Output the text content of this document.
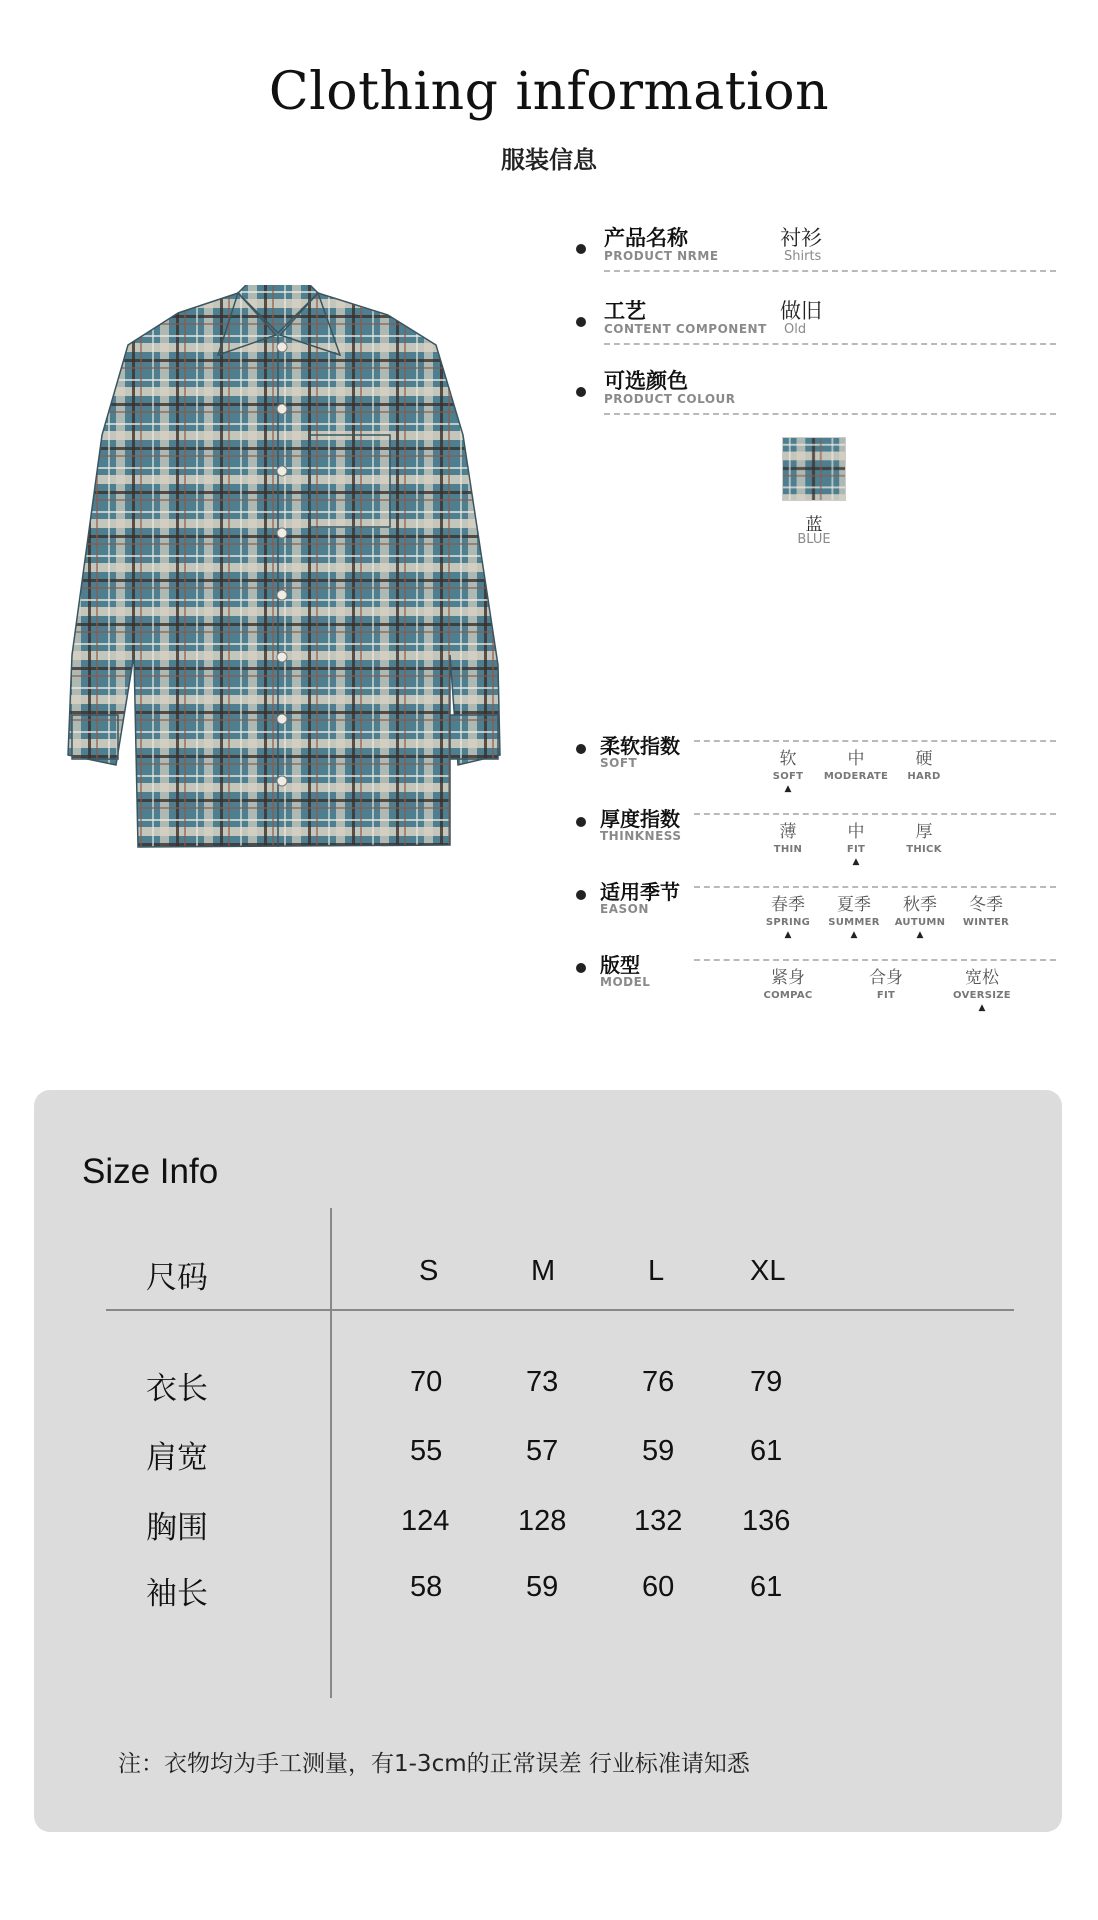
Clothing information
服装信息
产品名称
PRODUCT NRME
衬衫
Shirts
工艺
CONTENT COMPONENT
做旧
Old
可选颜色
PRODUCT COLOUR
蓝
BLUE
柔软指数
SOFT	软
SOFT
▲
中
MODERATE
硬
HARD
厚度指数
THINKNESS	薄
THIN
中
FIT
▲
厚
THICK
适用季节
EASON	春季
SPRING
▲
夏季
SUMMER
▲
秋季
AUTUMN
▲
冬季
WINTER
版型
MODEL	紧身
COMPAC
合身
FIT
宽松
OVERSIZE
▲
Size Info
尺码	S	M	L	XL
衣长	70	73	76	79
肩宽	55	57	59	61
胸围	124 128 132 136
袖长	58	59	60	61
注：衣物均为手工测量，有1-3cm的正常误差 行业标准请知悉
